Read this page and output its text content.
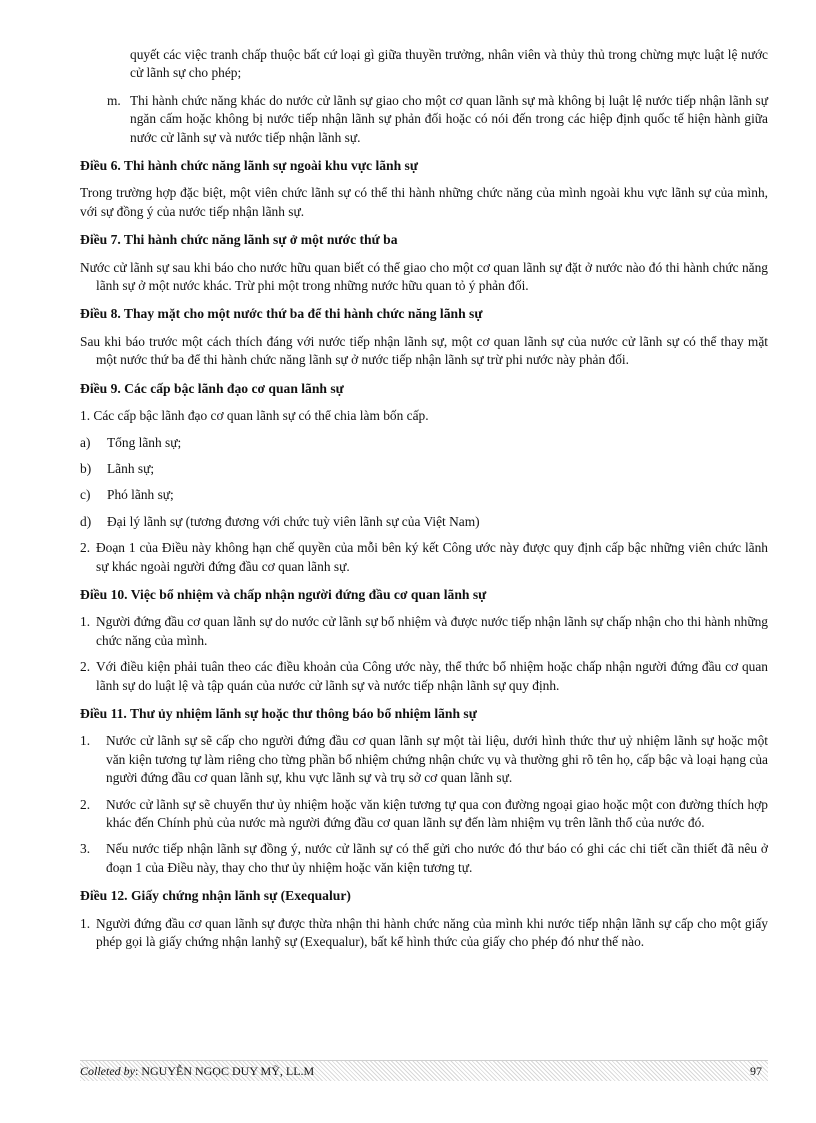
quyết các việc tranh chấp thuộc bất cứ loại gì giữa thuyền trưởng, nhân viên và thủy thủ trong chừng mực luật lệ nước cử lãnh sự cho phép;

m. Thi hành chức năng khác do nước cử lãnh sự giao cho một cơ quan lãnh sự mà không bị luật lệ nước tiếp nhận lãnh sự ngăn cấm hoặc không bị nước tiếp nhận lãnh sự phản đối hoặc có nói đến trong các hiệp định quốc tế hiện hành giữa nước cử lãnh sự và nước tiếp nhận lãnh sự.
Điều 6. Thi hành chức năng lãnh sự ngoài khu vực lãnh sự

Trong trường hợp đặc biệt, một viên chức lãnh sự có thể thi hành những chức năng của mình ngoài khu vực lãnh sự của mình, với sự đồng ý của nước tiếp nhận lãnh sự.

Điều 7. Thi hành chức năng lãnh sự ở một nước thứ ba

Nước cử lãnh sự sau khi báo cho nước hữu quan biết có thể giao cho một cơ quan lãnh sự đặt ở nước nào đó thi hành chức năng lãnh sự ở một nước khác. Trừ phi một trong những nước hữu quan tỏ ý phản đối.

Điều 8. Thay mặt cho một nước thứ ba để thi hành chức năng lãnh sự

Sau khi báo trước một cách thích đáng với nước tiếp nhận lãnh sự, một cơ quan lãnh sự của nước cử lãnh sự có thể thay mặt một nước thứ ba để thi hành chức năng lãnh sự ở nước tiếp nhận lãnh sự trừ phi nước này phản đối.

Điều 9. Các cấp bậc lãnh đạo cơ quan lãnh sự

1. Các cấp bậc lãnh đạo cơ quan lãnh sự có thể chia làm bốn cấp.

a)	Tổng lãnh sự;
b)	Lãnh sự;
c)	Phó lãnh sự;
d)	Đại lý lãnh sự (tương đương với chức tuỳ viên lãnh sự của Việt Nam)
2. Đoạn 1 của Điều này không hạn chế quyền của mỗi bên ký kết Công ước này được quy định cấp bậc những viên chức lãnh sự khác ngoài người đứng đầu cơ quan lãnh sự.
Điều 10. Việc bổ nhiệm và chấp nhận người đứng đầu cơ quan lãnh sự
1. Người đứng đầu cơ quan lãnh sự do nước cử lãnh sự bổ nhiệm và được nước tiếp nhận lãnh sự chấp nhận cho thi hành những chức năng của mình.
2. Với điều kiện phải tuân theo các điều khoản của Công ước này, thể thức bổ nhiệm hoặc chấp nhận người đứng đầu cơ quan lãnh sự do luật lệ và tập quán của nước cử lãnh sự và nước tiếp nhận lãnh sự quy định.
Điều 11. Thư ủy nhiệm lãnh sự hoặc thư thông báo bổ nhiệm lãnh sự
1.	Nước cử lãnh sự sẽ cấp cho người đứng đầu cơ quan lãnh sự một tài liệu, dưới hình thức thư uỷ nhiệm lãnh sự hoặc một văn kiện tương tự làm riêng cho từng phần bổ nhiệm chứng nhận chức vụ và thường ghi rõ tên họ, cấp bậc và loại hạng của người đứng đầu cơ quan lãnh sự, khu vực lãnh sự và trụ sở cơ quan lãnh sự.
2.	Nước cử lãnh sự sẽ chuyển thư ủy nhiệm hoặc văn kiện tương tự qua con đường ngoại giao hoặc một con đường thích hợp khác đến Chính phủ của nước mà người đứng đầu cơ quan lãnh sự đến làm nhiệm vụ trên lãnh thổ của nước đó.
3.	Nếu nước tiếp nhận lãnh sự đồng ý, nước cử lãnh sự có thể gửi cho nước đó thư báo có ghi các chi tiết cần thiết đã nêu ở đoạn 1 của Điều này, thay cho thư ủy nhiệm hoặc văn kiện tương tự.
Điều 12. Giấy chứng nhận lãnh sự (Exequalur)
1. Người đứng đầu cơ quan lãnh sự được thừa nhận thi hành chức năng của mình khi nước tiếp nhận lãnh sự cấp cho một giấy phép gọi là giấy chứng nhận lanhỹ sự (Exequalur), bất kể hình thức của giấy cho phép đó như thế nào.
Colleted by: NGUYỄN NGỌC DUY MỸ, LL.M	97
